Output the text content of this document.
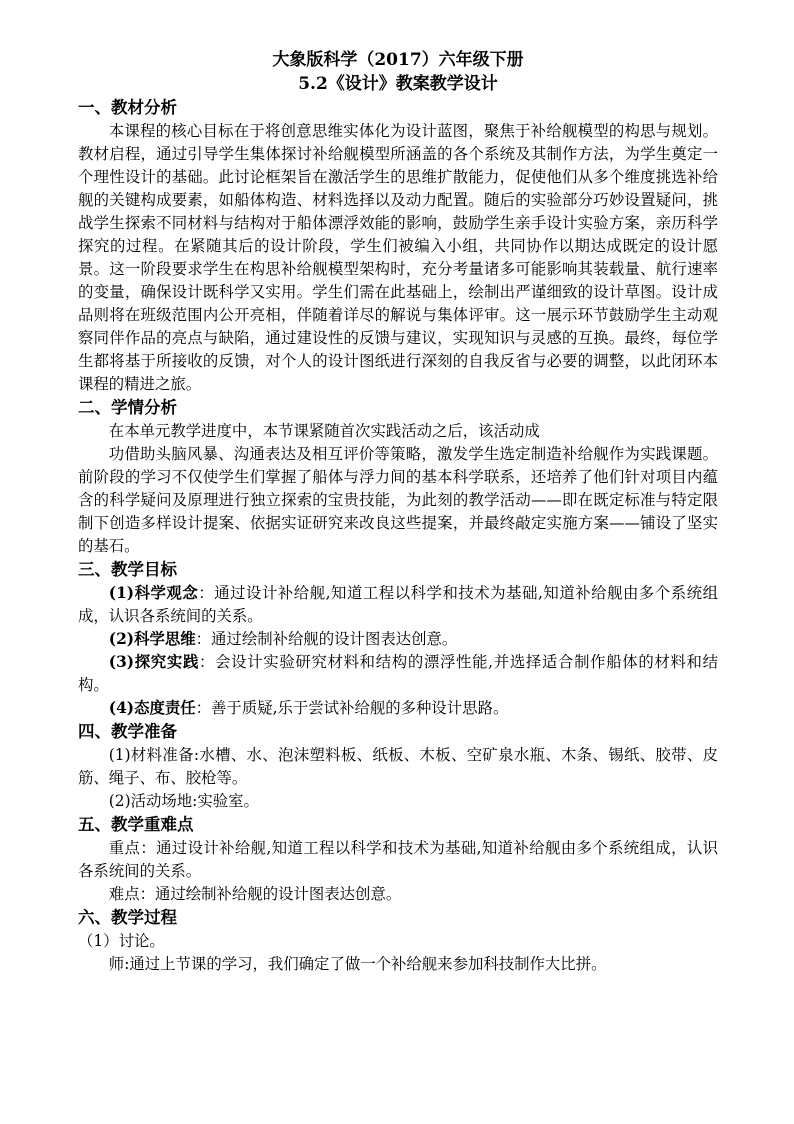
大象版科学（2017）六年级下册
5.2《设计》教案教学设计
一、教材分析

本课程的核心目标在于将创意思维实体化为设计蓝图，聚焦于补给舰模型的构思与规划。教材启程，通过引导学生集体探讨补给舰模型所涵盖的各个系统及其制作方法，为学生奠定一个理性设计的基础。此讨论框架旨在激活学生的思维扩散能力，促使他们从多个维度挑选补给舰的关键构成要素，如船体构造、材料选择以及动力配置。随后的实验部分巧妙设置疑问，挑战学生探索不同材料与结构对于船体漂浮效能的影响，鼓励学生亲手设计实验方案，亲历科学探究的过程。在紧随其后的设计阶段，学生们被编入小组，共同协作以期达成既定的设计愿景。这一阶段要求学生在构思补给舰模型架构时，充分考量诸多可能影响其装载量、航行速率的变量，确保设计既科学又实用。学生们需在此基础上，绘制出严谨细致的设计草图。设计成品则将在班级范围内公开亮相，伴随着详尽的解说与集体评审。这一展示环节鼓励学生主动观察同伴作品的亮点与缺陷，通过建设性的反馈与建议，实现知识与灵感的互换。最终，每位学生都将基于所接收的反馈，对个人的设计图纸进行深刻的自我反省与必要的调整，以此闭环本课程的精进之旅。

二、学情分析

在本单元教学进度中，本节课紧随首次实践活动之后，该活动成

功借助头脑风暴、沟通表达及相互评价等策略，激发学生选定制造补给舰作为实践课题。前阶段的学习不仅使学生们掌握了船体与浮力间的基本科学联系，还培养了他们针对项目内蕴含的科学疑问及原理进行独立探索的宝贵技能，为此刻的教学活动——即在既定标准与特定限制下创造多样设计提案、依据实证研究来改良这些提案，并最终敲定实施方案——铺设了坚实的基石。

三、教学目标

(1)科学观念：通过设计补给舰,知道工程以科学和技术为基础,知道补给舰由多个系统组成，认识各系统间的关系。

(2)科学思维：通过绘制补给舰的设计图表达创意。

(3)探究实践：会设计实验研究材料和结构的漂浮性能,并选择适合制作船体的材料和结构。

(4)态度责任：善于质疑,乐于尝试补给舰的多种设计思路。

四、教学准备

(1)材料准备:水槽、水、泡沫塑料板、纸板、木板、空矿泉水瓶、木条、锡纸、胶带、皮筋、绳子、布、胶枪等。

(2)活动场地:实验室。

五、教学重难点

重点：通过设计补给舰,知道工程以科学和技术为基础,知道补给舰由多个系统组成，认识各系统间的关系。

难点：通过绘制补给舰的设计图表达创意。

六、教学过程

（1）讨论。

师:通过上节课的学习，我们确定了做一个补给舰来参加科技制作大比拼。
